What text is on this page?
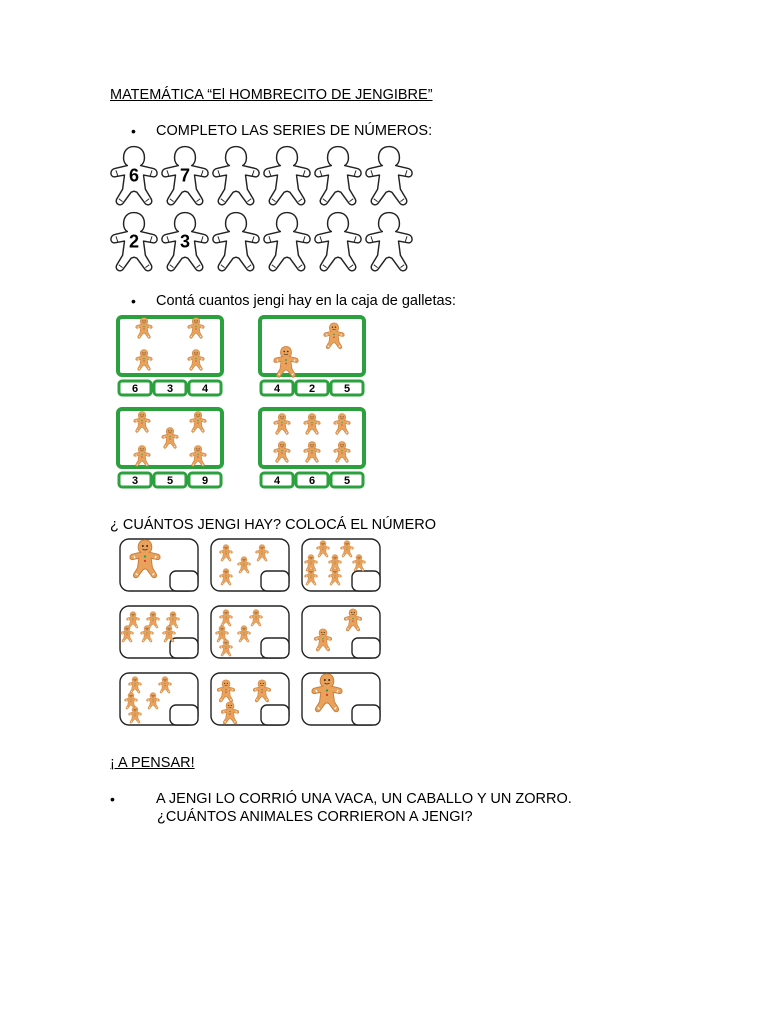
MATEMÁTICA “El HOMBRECITO DE JENGIBRE”
• COMPLETO LAS SERIES DE NÚMEROS:
6 7
2 3
• Contá cuantos jengi hay en la caja de galletas:
6	3	4	4	2	5
3	5	9	4	6	5
¿ CUÁNTOS JENGI HAY? COLOCÁ EL NÚMERO
¡ A PENSAR!
•	A JENGI LO CORRIÓ UNA VACA, UN CABALLO Y UN ZORRO.
¿CUÁNTOS ANIMALES CORRIERON A JENGI?
